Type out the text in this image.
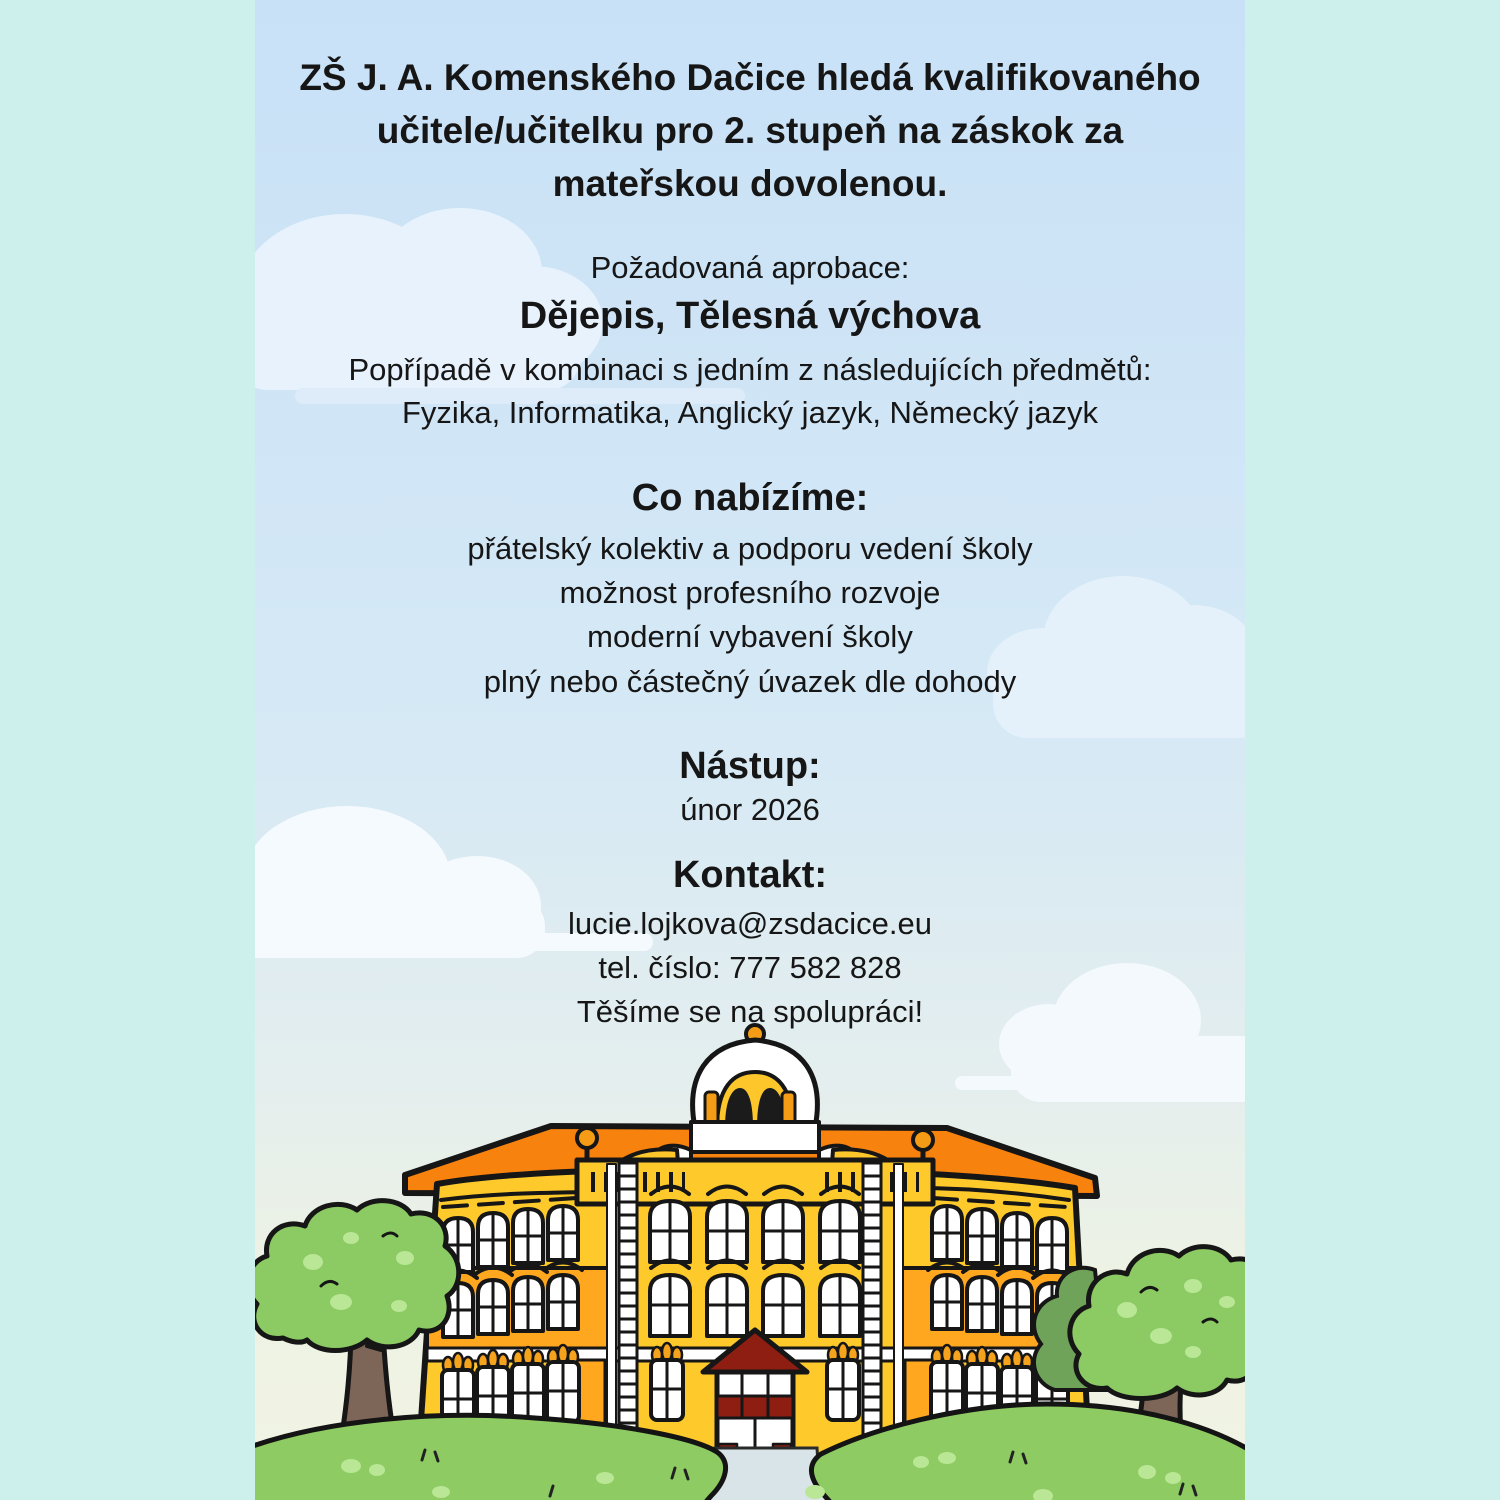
ZŠ J. A. Komenského Dačice hledá kvalifikovaného
učitele/učitelku pro 2. stupeň na záskok za
mateřskou dovolenou.
Požadovaná aprobace:
Dějepis, Tělesná výchova
Popřípadě v kombinaci s jedním z následujících předmětů:
Fyzika, Informatika, Anglický jazyk, Německý jazyk
Co nabízíme:
přátelský kolektiv a podporu vedení školy
možnost profesního rozvoje
moderní vybavení školy
plný nebo částečný úvazek dle dohody
Nástup:
únor 2026
Kontakt:
lucie.lojkova@zsdacice.eu
tel. číslo: 777 582 828
Těšíme se na spolupráci!
